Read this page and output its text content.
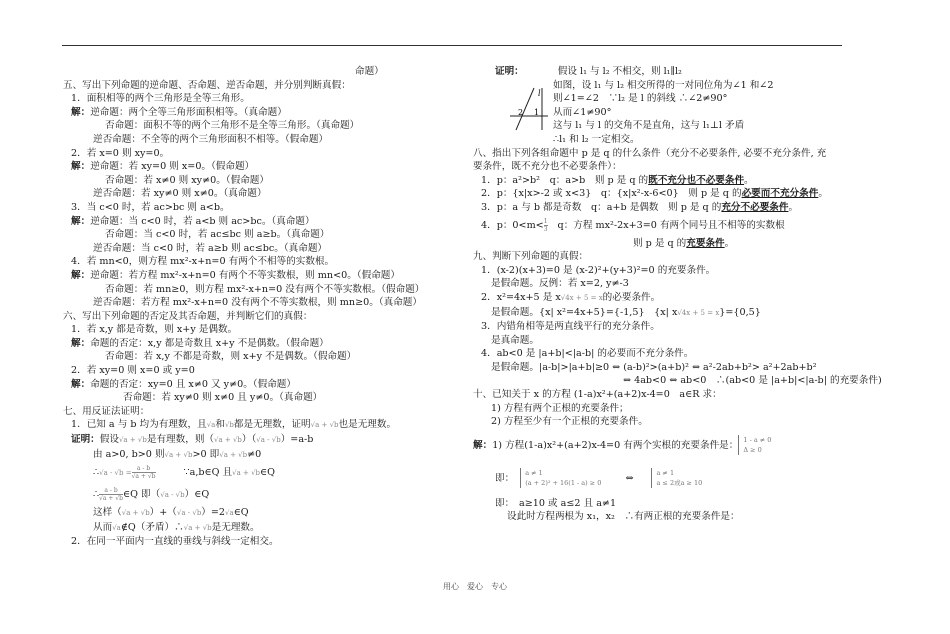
命题）
五、写出下列命题的逆命题、否命题、逆否命题，并分别判断真假：
1．面积相等的两个三角形是全等三角形。
解：逆命题：两个全等三角形面积相等。（真命题）
否命题：面积不等的两个三角形不是全等三角形。（真命题）
逆否命题：不全等的两个三角形面积不相等。（假命题）
2．若 x=0 则 xy=0。
解：逆命题：若 xy=0 则 x=0。（假命题）
否命题：若 x≠0 则 xy≠0。（假命题）
逆否命题：若 xy≠0 则 x≠0。（真命题）
3．当 c<0 时，若 ac>bc 则 a<b。
解：逆命题：当 c<0 时，若 a<b 则 ac>bc。（真命题）
否命题：当 c<0 时，若 ac≤bc 则 a≥b。（真命题）
逆否命题：当 c<0 时，若 a≥b 则 ac≤bc。（真命题）
4．若 mn<0，则方程 mx²-x+n=0 有两个不相等的实数根。
解：逆命题：若方程 mx²-x+n=0 有两个不等实数根，则 mn<0。（假命题）
否命题：若 mn≥0，则方程 mx²-x+n=0 没有两个不等实数根。（假命题）
逆否命题：若方程 mx²-x+n=0 没有两个不等实数根，则 mn≥0。（真命题）
六、写出下列命题的否定及其否命题，并判断它们的真假：
1．若 x,y 都是奇数，则 x+y 是偶数。
解：命题的否定：x,y 都是奇数且 x+y 不是偶数。（假命题）
否命题：若 x,y 不都是奇数，则 x+y 不是偶数。（假命题）
2．若 xy=0 则 x=0 或 y=0
解：命题的否定：xy=0 且 x≠0 又 y≠0。（假命题）
否命题：若 xy≠0 则 x≠0 且 y≠0。（真命题）
七、用反证法证明：
1．已知 a 与 b 均为有理数，且√a和√b都是无理数，证明√a + √b也是无理数。
证明：假设√a + √b是有理数，则（√a + √b）（√a - √b）=a-b
由 a>0, b>0 则√a + √b>0 即√a + √b≠0
∴√a - $√b = \frac{a - b}{√a + √b}$	∵a,b∈Q 且√a + √b∈Q
∴ $\frac{a - b}{√a + √b}$ ∈Q 即（√a - √b）∈Q
这样（√a + √b）+（√a - √b）=2√a∈Q
从而√a∉Q（矛盾）∴√a + √b是无理数。
2．在同一平面内一直线的垂线与斜线一定相交。
2 1
l
证明：	假设 l₁ 与 l₂ 不相交，则 l₁∥l₂
如图，设 l₁ 与 l₂ 相交所得的一对同位角为∠1 和∠2
则∠1=∠2　∵l₂ 是 l 的斜线 ∴∠2≠90°
从而∠1≠90°
这与 l₁ 与 l 的交角不是直角，这与 l₁⊥l 矛盾
∴l₁ 和 l₂ 一定相交。
八、指出下列各组命题中 p 是 q 的什么条件（充分不必要条件, 必要不充分条件, 充
要条件，既不充分也不必要条件）：
1．p：a²>b²　q：a>b　则 p 是 q 的既不充分也不必要条件。
2．p：{x|x>-2 或 x<3}　q：{x|x²-x-6<0}　则 p 是 q 的必要而不充分条件。
3．p：a 与 b 都是奇数　q：a+b 是偶数　则 p 是 q 的充分不必要条件。
4．p：$0<m< \frac{1}{3}$ q：方程 mx²-2x+3=0 有两个同号且不相等的实数根
则 p 是 q 的充要条件。
九、判断下列命题的真假：
1．(x-2)(x+3)=0 是 (x-2)²+(y+3)²=0 的充要条件。
是假命题。反例：若 x=2, y≠-3
2．x²=4x+5 是 x√4x + 5 = x的必要条件。
是假命题。{x| x²=4x+5}={-1,5}　{x| x√4x + 5 = x}={0,5}
3．内错角相等是两直线平行的充分条件。
是真命题。
4．ab<0 是 |a+b|<|a-b| 的必要而不充分条件。
是假命题。|a-b|>|a+b|≥0 ⇔ (a-b)²>(a+b)² ⇔ a²-2ab+b²> a²+2ab+b²
⇔ 4ab<0 ⇔ ab<0　∴(ab<0 是 |a+b|<|a-b| 的充要条件)
十、已知关于 x 的方程 (1-a)x²+(a+2)x-4=0　a∈R 求：
1) 方程有两个正根的充要条件；
2) 方程至少有一个正根的充要条件。
解：1) 方程(1-a)x²+(a+2)x-4=0 有两个实根的充要条件是： 1 - a ≠ 0
Δ ≥ 0
即： a ≠ 1
(a + 2)² + 16(1 - a) ≥ 0	⇔	a ≠ 1
a ≤ 2或a ≥ 10
即：　a≥10 或 a≤2 且 a≠1
设此时方程两根为 x₁，x₂　∴有两正根的充要条件是：
用心　爱心　专心
